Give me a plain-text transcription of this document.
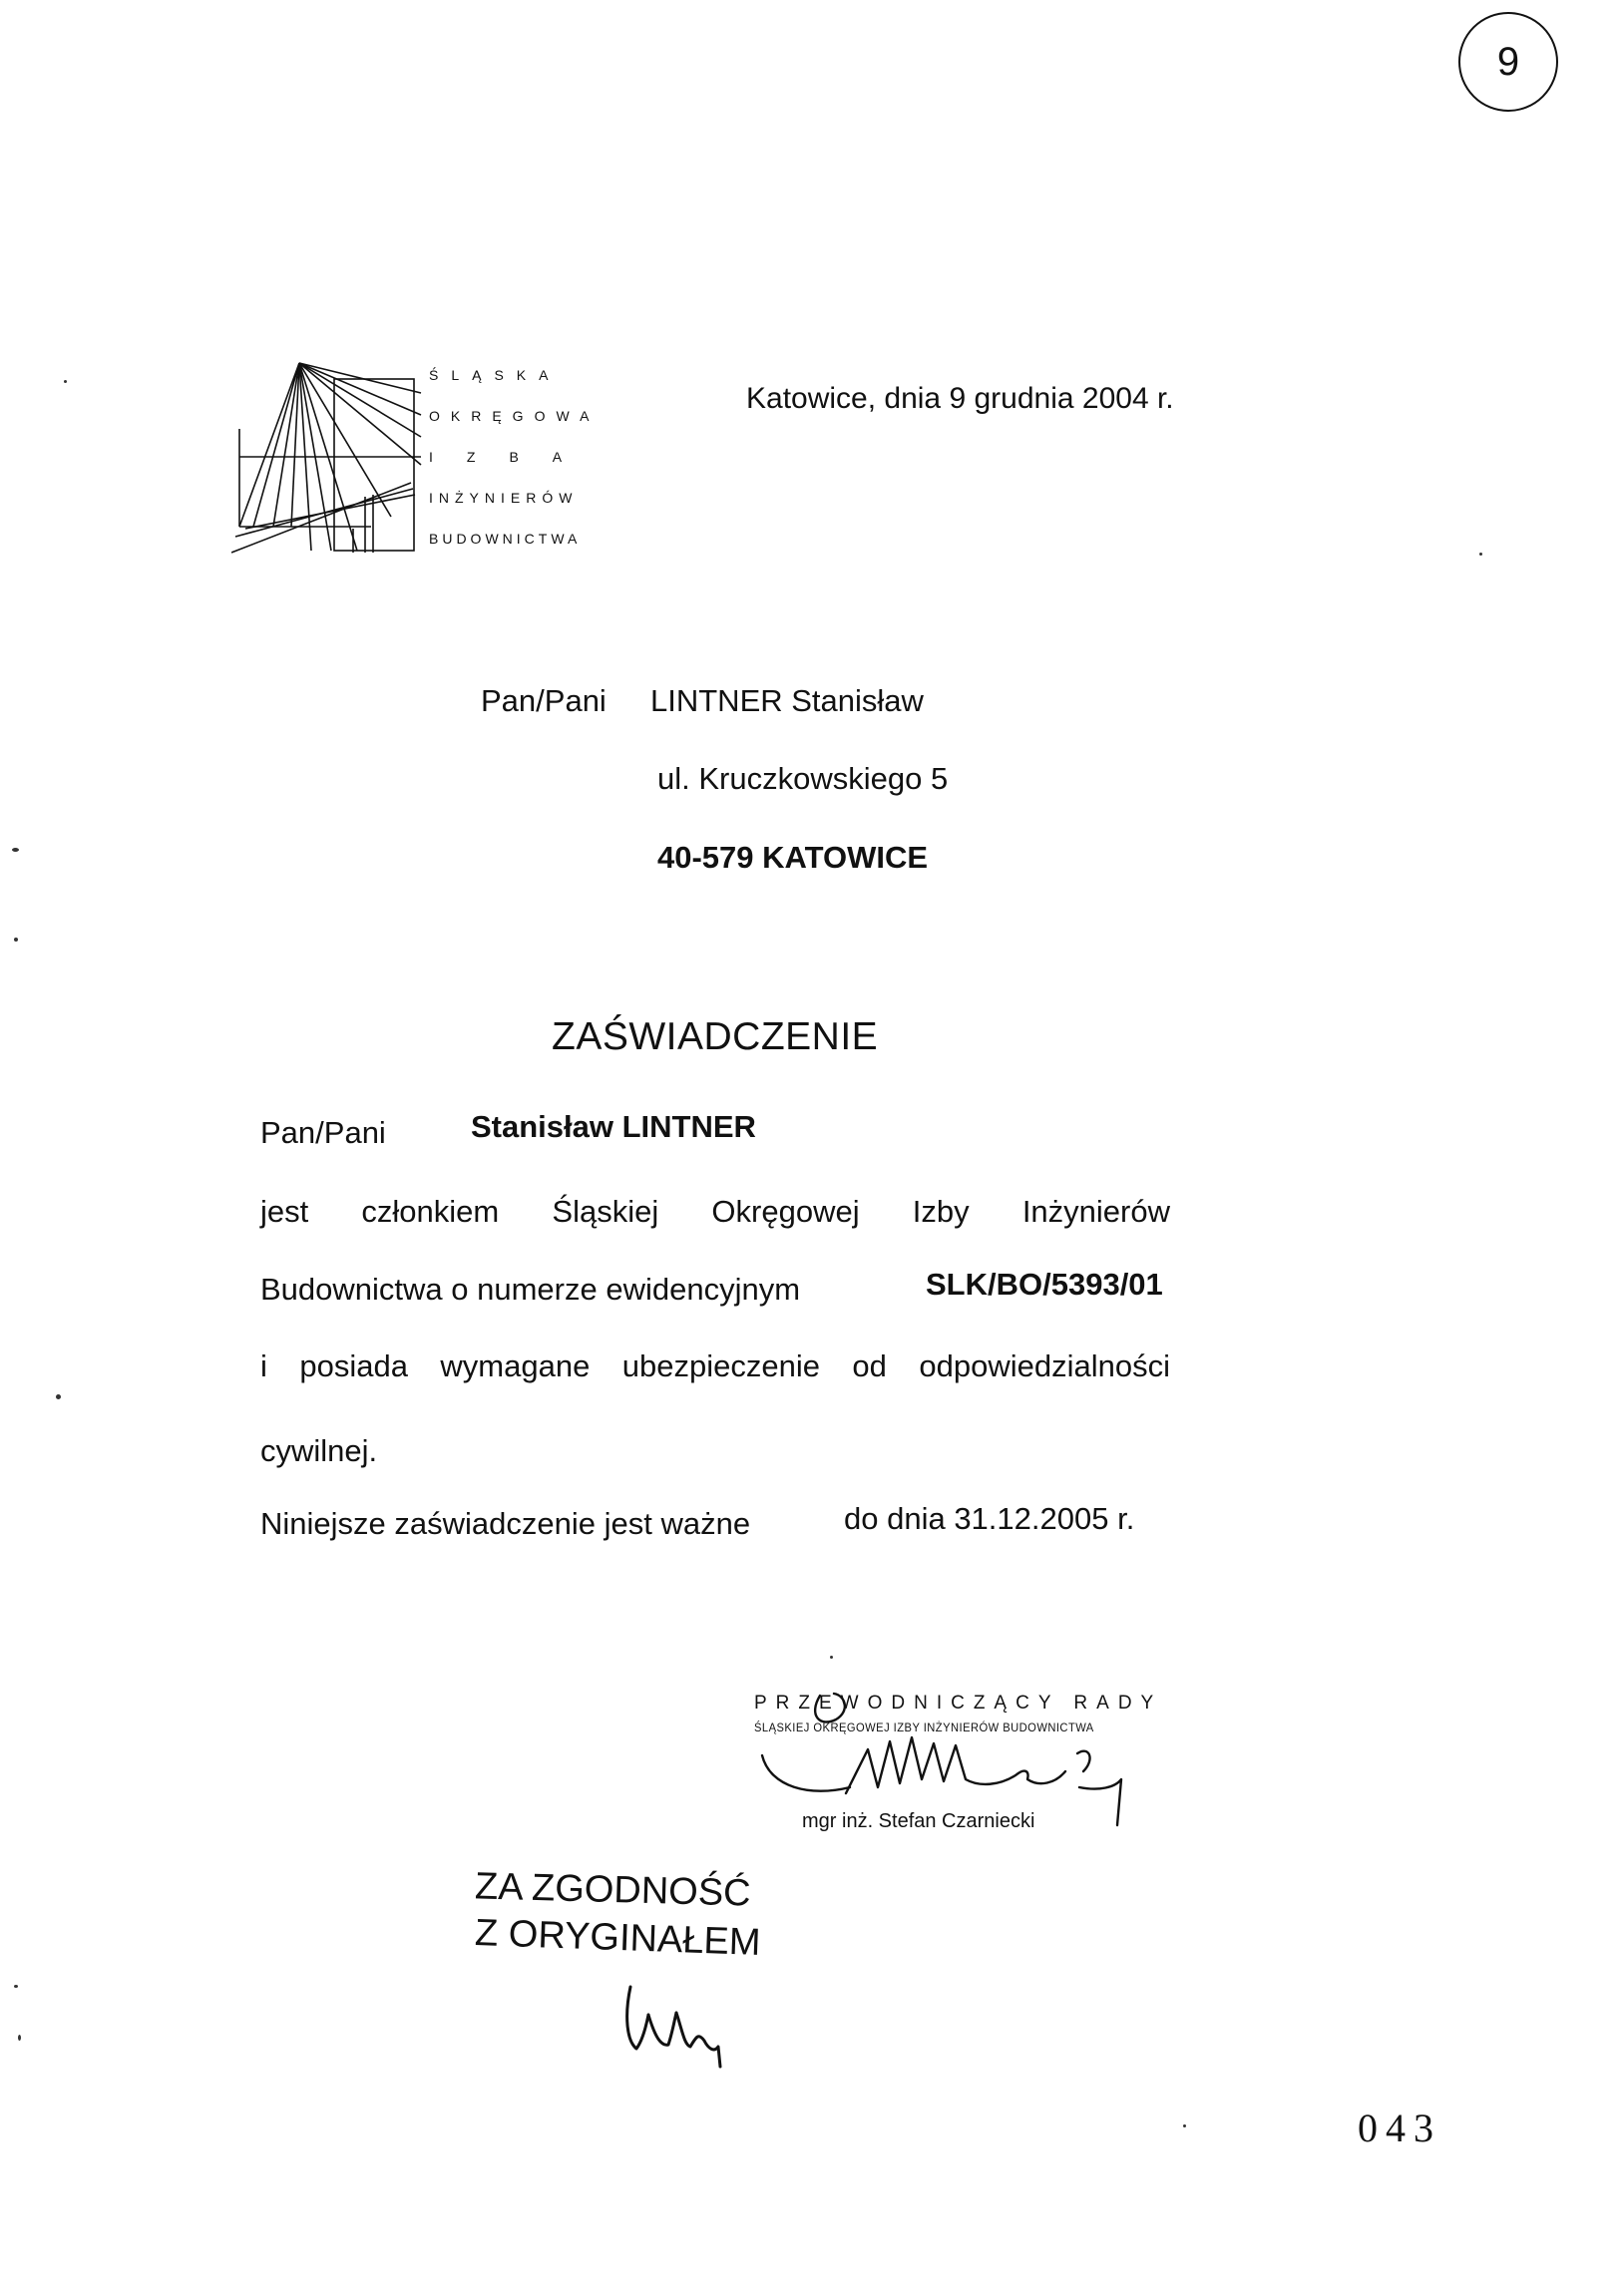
9
ŚLĄSKA
OKRĘGOWA
IZBA
INŻYNIERÓW
BUDOWNICTWA
Katowice, dnia 9 grudnia 2004 r.
Pan/Pani LINTNER Stanisław
ul. Kruczkowskiego 5
40-579 KATOWICE
ZAŚWIADCZENIE
Pan/Pani	Stanisław LINTNER
jest członkiem Śląskiej Okręgowej Izby Inżynierów
Budownictwa o numerze ewidencyjnym	SLK/BO/5393/01
i posiada wymagane ubezpieczenie od odpowiedzialności
cywilnej.
Niniejsze zaświadczenie jest ważne	do dnia 31.12.2005 r.
PRZEWODNICZĄCY RADY
ŚLĄSKIEJ OKRĘGOWEJ IZBY INŻYNIERÓW BUDOWNICTWA
mgr inż. Stefan Czarniecki
ZA ZGODNOŚĆ
Z ORYGINAŁEM
043
